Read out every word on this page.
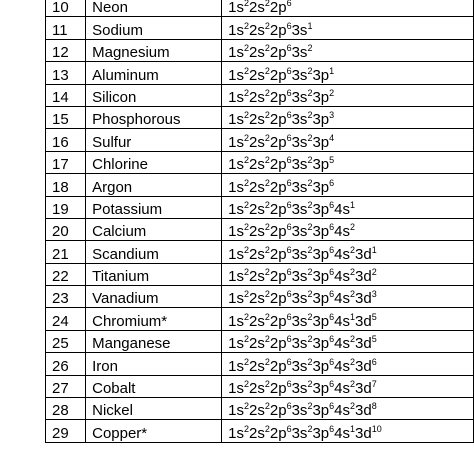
10	Neon	$1s^22s^22p^6$
11	Sodium	$1s^22s^22p^63s^1$
12	Magnesium	$1s^22s^22p^63s^2$
13	Aluminum	$1s^22s^22p^63s^23p^1$
14	Silicon	$1s^22s^22p^63s^23p^2$
15	Phosphorous	$1s^22s^22p^63s^23p^3$
16	Sulfur	$1s^22s^22p^63s^23p^4$
17	Chlorine	$1s^22s^22p^63s^23p^5$
18	Argon	$1s^22s^22p^63s^23p^6$
19	Potassium	$1s^22s^22p^63s^23p^64s^1$
20	Calcium	$1s^22s^22p^63s^23p^64s^2$
21	Scandium	$1s^22s^22p^63s^23p^64s^23d^1$
22	Titanium	$1s^22s^22p^63s^23p^64s^23d^2$
23	Vanadium	$1s^22s^22p^63s^23p^64s^23d^3$
24	Chromium*	$1s^22s^22p^63s^23p^64s^13d^5$
25	Manganese	$1s^22s^22p^63s^23p^64s^23d^5$
26	Iron	$1s^22s^22p^63s^23p^64s^23d^6$
27	Cobalt	$1s^22s^22p^63s^23p^64s^23d^7$
28	Nickel	$1s^22s^22p^63s^23p^64s^23d^8$
29	Copper*	$1s^22s^22p^63s^23p^64s^13d^{10}$
